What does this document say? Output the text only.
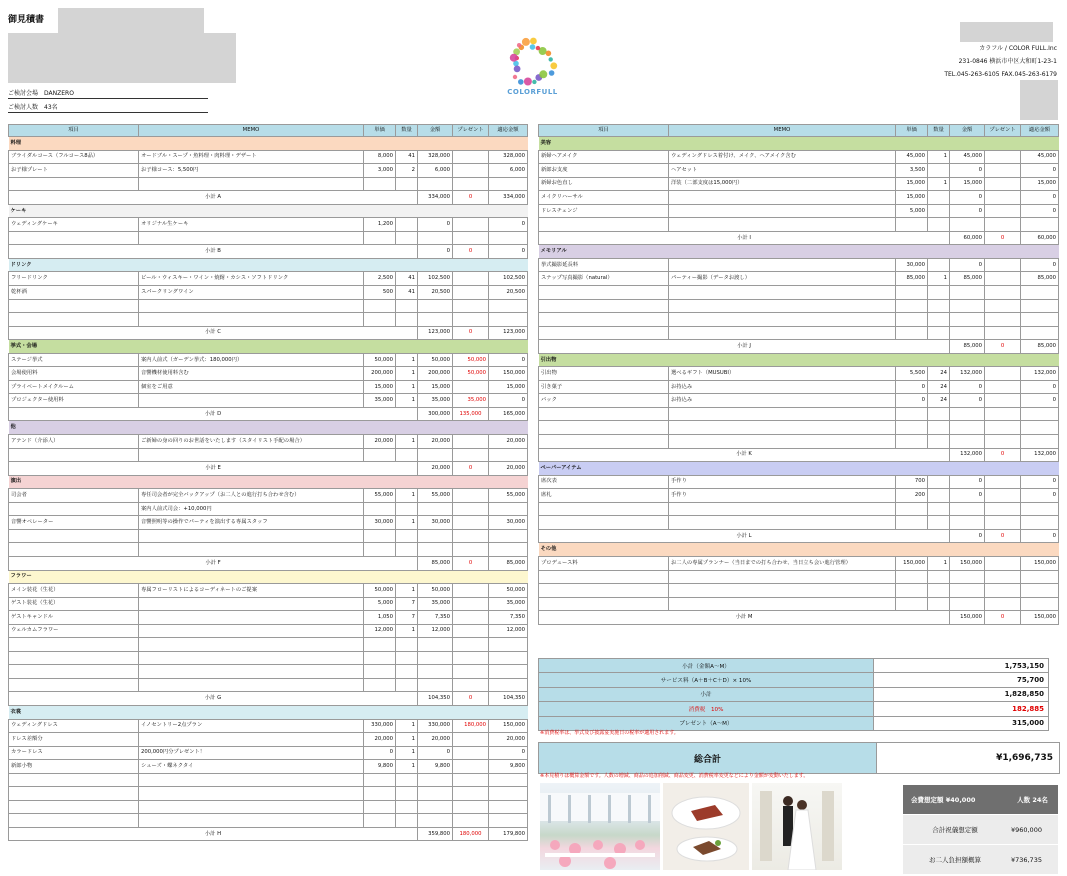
御見積書
ご検討会場 DANZERO
ご検討人数 43名
COLORFULL
カラフル / COLOR FULL.Inc
231-0846 横浜市中区大和町1-23-1
TEL.045-263-6105 FAX.045-263-6179
項目	MEMO	単価	数量	金額	プレゼント	適応金額
料理						
ブライダルコース（フルコース8品）	オードブル・スープ・魚料理・肉料理・デザート	8,000	41	328,000		328,000
お子様プレート	お子様コース：5,500円	3,000	2	6,000		6,000

小計 A				334,000	0	334,000
ケーキ						
ウェディングケーキ	オリジナル生ケーキ	1,200		0		0

小計 B				0	0	0
ドリンク						
フリードリンク	ビール・ウィスキー・ワイン・焼酎・カシス・ソフトドリンク	2,500	41	102,500		102,500
乾杯酒	スパークリングワイン	500	41	20,500		20,500

小計 C				123,000	0	123,000
挙式・会場						
ステージ挙式	案内人前式（ガーデン挙式：180,000円）	50,000	1	50,000	50,000	0
会場使用料	音響機材使用料含む	200,000	1	200,000	50,000	150,000
プライベートメイクルーム	個室をご用意	15,000	1	15,000		15,000
プロジェクター使用料		35,000	1	35,000	35,000	0
小計 D				300,000	135,000	165,000
他						
アテンド（介添人）	ご新婦の身の回りのお世話をいたします（スタイリスト手配の場合）	20,000	1	20,000		20,000

小計 E				20,000	0	20,000
演出						
司会者	専任司会者が完全バックアップ（お二人との進行打ち合わせ含む）	55,000	1	55,000		55,000
	案内人前式司会：+10,000円					
音響オペレーター	音響照明等の操作でパーティを演出する専属スタッフ	30,000	1	30,000		30,000

小計 F				85,000	0	85,000
フラワー						
メイン装花（生花）	専属フローリストによるコーディネートのご提案	50,000	1	50,000		50,000
ゲスト装花（生花）		5,000	7	35,000		35,000
ゲストキャンドル		1,050	7	7,350		7,350
ウェルカムフラワー		12,000	1	12,000		12,000

小計 G				104,350	0	104,350
衣裳						
ウェディングドレス	イノセントリー2点プラン	330,000	1	330,000	180,000	150,000
ドレス差額分		20,000	1	20,000		20,000
カラードレス	200,000円分プレゼント！	0	1	0		0
新郎小物	シューズ・蝶ネクタイ	9,800	1	9,800		9,800

小計 H				359,800	180,000	179,800
項目	MEMO	単価	数量	金額	プレゼント	適応金額
美容						
新婦ヘアメイク	ウェディングドレス着付け、メイク、ヘアメイク含む	45,000	1	45,000		45,000
新郎お支度	ヘアセット	3,500		0		0
新婦お色直し	洋装（二部支度は15,000円）	15,000	1	15,000		15,000
メイクリハーサル		15,000		0		0
ドレスチェンジ		5,000		0		0

小計 I				60,000	0	60,000
メモリアル						
挙式撮影延長料		30,000		0		0
スナップ写真撮影（natural）	パーティー撮影（データお渡し）	85,000	1	85,000		85,000

小計 J				85,000	0	85,000
引出物						
引出物	選べるギフト（MUSUBI）	5,500	24	132,000		132,000
引き菓子	お持込み	0	24	0		0
バック	お持込み	0	24	0		0

小計 K				132,000	0	132,000
ペーパーアイテム						
席次表	手作り	700		0		0
席札	手作り	200		0		0

小計 L				0	0	0
その他						
プロデュース料	お二人の専属プランナー（当日までの打ち合わせ、当日立ち会い進行管理）	150,000	1	150,000		150,000

小計 M				150,000	0	150,000
小計（金額A〜M）	1,753,150
サービス料（A＋B＋C＋D）× 10%	75,700
小計	1,828,850
消費税　10%	182,885
プレゼント（A〜M）	315,000
※消費税率は、挙式及び披露宴実施日の税率が適用されます。
総合計	¥1,696,735
※本見積りは概算金額です。人数の増減、商品の追加削減、商品変更、消費税率変更などにより金額が変動いたします。
会費想定額 ¥40,000	人数 24名
合計祝儀想定額	¥960,000
お二人負担額概算	¥736,735
